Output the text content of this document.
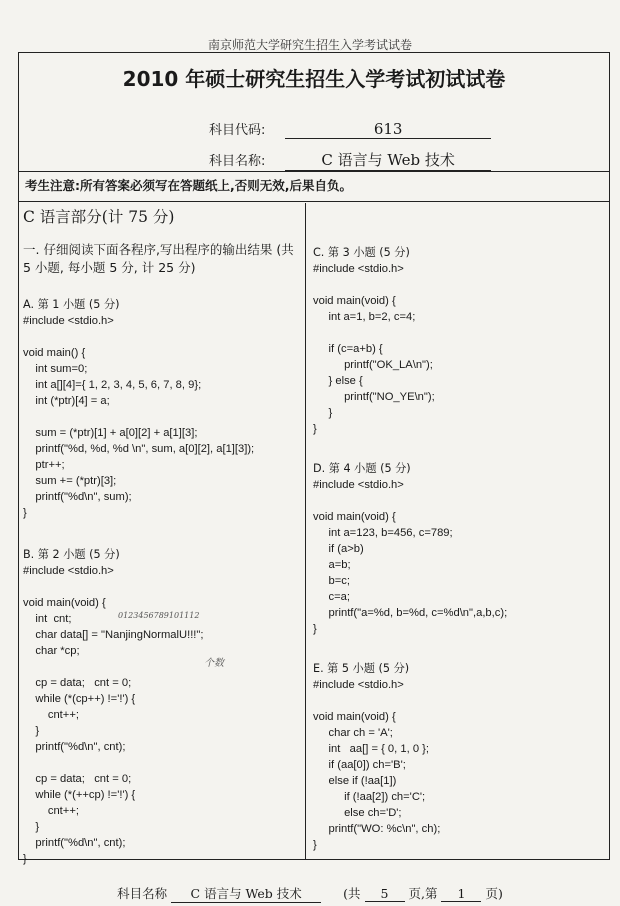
南京师范大学研究生招生入学考试试卷
2010 年硕士研究生招生入学考试初试试卷
科目代码:	613
科目名称:	C 语言与 Web 技术
考生注意:所有答案必须写在答题纸上,否则无效,后果自负。
C 语言部分(计 75 分)
一. 仔细阅读下面各程序,写出程序的输出结果 (共 5 小题, 每小题 5 分, 计 25 分)
A. 第 1 小题 (5 分)
#include <stdio.h>

void main() {
int sum=0;
int a[][4]={ 1, 2, 3, 4, 5, 6, 7, 8, 9};
int (*ptr)[4] = a;

sum = (*ptr)[1] + a[0][2] + a[1][3];
printf("%d, %d, %d \n", sum, a[0][2], a[1][3]);
ptr++;
sum += (*ptr)[3];
printf("%d\n", sum);
}
B. 第 2 小题 (5 分)
#include <stdio.h>

void main(void) {
int  cnt;
char data[] = "NanjingNormalU!!!";
char *cp;

cp = data;   cnt = 0;
while (*(cp++) !='!') {
cnt++;
}
printf("%d\n", cnt);

cp = data;   cnt = 0;
while (*(++cp) !='!') {
cnt++;
}
printf("%d\n", cnt);
}
C. 第 3 小题 (5 分)
#include <stdio.h>

void main(void) {
int a=1, b=2, c=4;

if (c=a+b) {
printf("OK_LA\n");
} else {
printf("NO_YE\n");
}
}
D. 第 4 小题 (5 分)
#include <stdio.h>

void main(void) {
int a=123, b=456, c=789;
if (a>b)
a=b;
b=c;
c=a;
printf("a=%d, b=%d, c=%d\n",a,b,c);
}
E. 第 5 小题 (5 分)
#include <stdio.h>

void main(void) {
char ch = 'A';
int   aa[] = { 0, 1, 0 };
if (aa[0]) ch='B';
else if (!aa[1])
if (!aa[2]) ch='C';
else ch='D';
printf("WO: %c\n", ch);
}
0123456789101112
个数
科目名称 C 语言与 Web 技术	(共 5 页,第 1 页)
